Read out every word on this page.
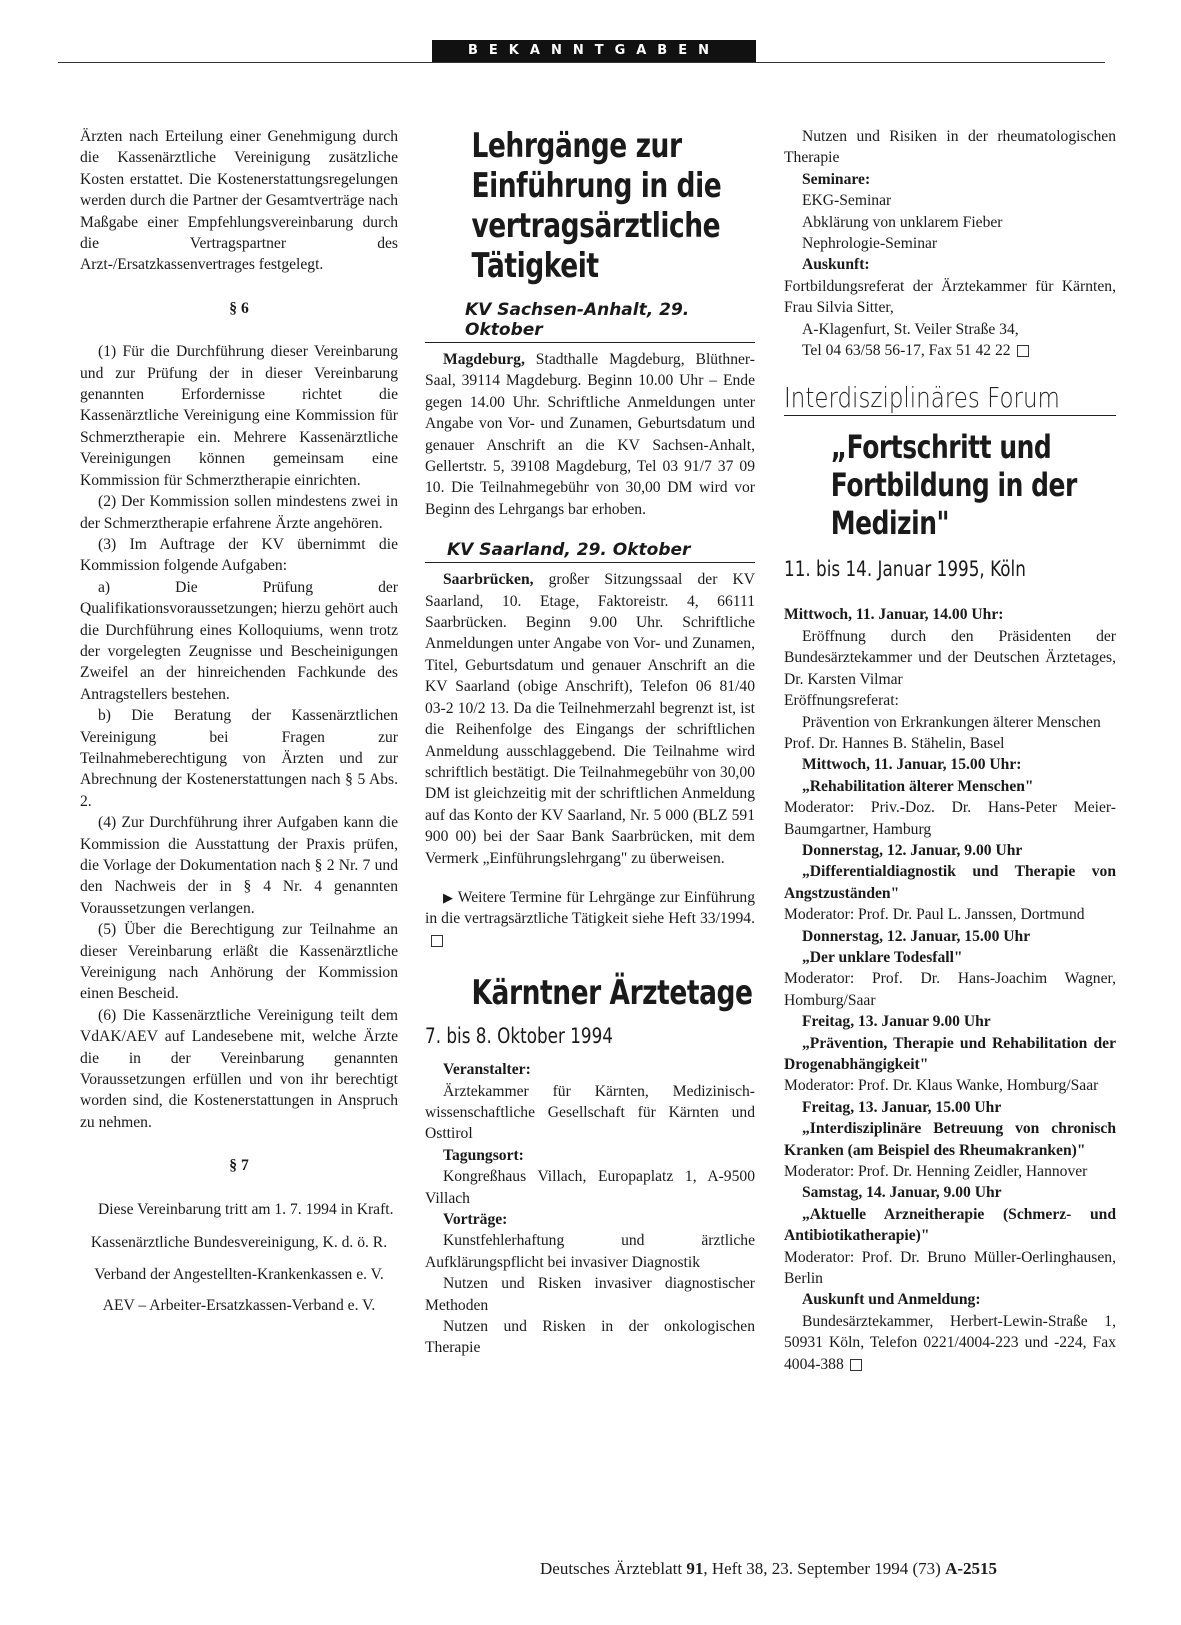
BEKANNTGABEN

Ärzten nach Erteilung einer Genehmigung durch die Kassenärztliche Vereinigung zusätzliche Kosten erstattet. Die Kostenerstattungsregelungen werden durch die Partner der Gesamtverträge nach Maßgabe einer Empfehlungsvereinbarung durch die Vertragspartner des Arzt-/Ersatzkassenvertrages festgelegt.

§ 6

(1) Für die Durchführung dieser Vereinbarung und zur Prüfung der in dieser Vereinbarung genannten Erfordernisse richtet die Kassenärztliche Vereinigung eine Kommission für Schmerztherapie ein. Mehrere Kassenärztliche Vereinigungen können gemeinsam eine Kommission für Schmerztherapie einrichten.

(2) Der Kommission sollen mindestens zwei in der Schmerztherapie erfahrene Ärzte angehören.

(3) Im Auftrage der KV übernimmt die Kommission folgende Aufgaben:

a) Die Prüfung der Qualifikationsvoraussetzungen; hierzu gehört auch die Durchführung eines Kolloquiums, wenn trotz der vorgelegten Zeugnisse und Bescheinigungen Zweifel an der hinreichenden Fachkunde des Antragstellers bestehen.

b) Die Beratung der Kassenärztlichen Vereinigung bei Fragen zur Teilnahmeberechtigung von Ärzten und zur Abrechnung der Kostenerstattungen nach § 5 Abs. 2.

(4) Zur Durchführung ihrer Aufgaben kann die Kommission die Ausstattung der Praxis prüfen, die Vorlage der Dokumentation nach § 2 Nr. 7 und den Nachweis der in § 4 Nr. 4 genannten Voraussetzungen verlangen.

(5) Über die Berechtigung zur Teilnahme an dieser Vereinbarung erläßt die Kassenärztliche Vereinigung nach Anhörung der Kommission einen Bescheid.

(6) Die Kassenärztliche Vereinigung teilt dem VdAK/AEV auf Landesebene mit, welche Ärzte die in der Vereinbarung genannten Voraussetzungen erfüllen und von ihr berechtigt worden sind, die Kostenerstattungen in Anspruch zu nehmen.

§ 7

Diese Vereinbarung tritt am 1. 7. 1994 in Kraft.

Kassenärztliche Bundesvereinigung, K. d. ö. R.

Verband der Angestellten-Krankenkassen e. V.

AEV – Arbeiter-Ersatzkassen-Verband e. V.

Lehrgänge zur Einführung in die vertragsärztliche Tätigkeit
KV Sachsen-Anhalt, 29. Oktober

Magdeburg, Stadthalle Magdeburg, Blüthner-Saal, 39114 Magdeburg. Beginn 10.00 Uhr – Ende gegen 14.00 Uhr. Schriftliche Anmeldungen unter Angabe von Vor- und Zunamen, Geburtsdatum und genauer Anschrift an die KV Sachsen-Anhalt, Gellertstr. 5, 39108 Magdeburg, Tel 03 91/7 37 09 10. Die Teilnahmegebühr von 30,00 DM wird vor Beginn des Lehrgangs bar erhoben.

KV Saarland, 29. Oktober

Saarbrücken, großer Sitzungssaal der KV Saarland, 10. Etage, Faktoreistr. 4, 66111 Saarbrücken. Beginn 9.00 Uhr. Schriftliche Anmeldungen unter Angabe von Vor- und Zunamen, Titel, Geburtsdatum und genauer Anschrift an die KV Saarland (obige Anschrift), Telefon 06 81/40 03-2 10/2 13. Da die Teilnehmerzahl begrenzt ist, ist die Reihenfolge des Eingangs der schriftlichen Anmeldung ausschlaggebend. Die Teilnahme wird schriftlich bestätigt. Die Teilnahmegebühr von 30,00 DM ist gleichzeitig mit der schriftlichen Anmeldung auf das Konto der KV Saarland, Nr. 5 000 (BLZ 591 900 00) bei der Saar Bank Saarbrücken, mit dem Vermerk „Einführungslehrgang" zu überweisen.

▶ Weitere Termine für Lehrgänge zur Einführung in die vertragsärztliche Tätigkeit siehe Heft 33/1994.

Kärntner Ärztetage
7. bis 8. Oktober 1994

Veranstalter:

Ärztekammer für Kärnten, Medizinisch-wissenschaftliche Gesellschaft für Kärnten und Osttirol

Tagungsort:

Kongreßhaus Villach, Europaplatz 1, A-9500 Villach

Vorträge:

Kunstfehlerhaftung und ärztliche Aufklärungspflicht bei invasiver Diagnostik

Nutzen und Risken invasiver diagnostischer Methoden

Nutzen und Risken in der onkologischen Therapie

Nutzen und Risiken in der rheumatologischen Therapie

Seminare:

EKG-Seminar

Abklärung von unklarem Fieber

Nephrologie-Seminar

Auskunft:

Fortbildungsreferat der Ärztekammer für Kärnten, Frau Silvia Sitter,

A-Klagenfurt, St. Veiler Straße 34,

Tel 04 63/58 56-17, Fax 51 42 22

Interdisziplinäres Forum
„Fortschritt und Fortbildung in der Medizin"
11. bis 14. Januar 1995, Köln

Mittwoch, 11. Januar, 14.00 Uhr:

Eröffnung durch den Präsidenten der Bundesärztekammer und der Deutschen Ärztetages, Dr. Karsten Vilmar

Eröffnungsreferat:

Prävention von Erkrankungen älterer Menschen

Prof. Dr. Hannes B. Stähelin, Basel

Mittwoch, 11. Januar, 15.00 Uhr:

„Rehabilitation älterer Menschen"

Moderator: Priv.-Doz. Dr. Hans-Peter Meier-Baumgartner, Hamburg

Donnerstag, 12. Januar, 9.00 Uhr

„Differentialdiagnostik und Therapie von Angstzuständen"

Moderator: Prof. Dr. Paul L. Janssen, Dortmund

Donnerstag, 12. Januar, 15.00 Uhr

„Der unklare Todesfall"

Moderator: Prof. Dr. Hans-Joachim Wagner, Homburg/Saar

Freitag, 13. Januar 9.00 Uhr

„Prävention, Therapie und Rehabilitation der Drogenabhängigkeit"

Moderator: Prof. Dr. Klaus Wanke, Homburg/Saar

Freitag, 13. Januar, 15.00 Uhr

„Interdisziplinäre Betreuung von chronisch Kranken (am Beispiel des Rheumakranken)"

Moderator: Prof. Dr. Henning Zeidler, Hannover

Samstag, 14. Januar, 9.00 Uhr

„Aktuelle Arzneitherapie (Schmerz- und Antibiotikatherapie)"

Moderator: Prof. Dr. Bruno Müller-Oerlinghausen, Berlin

Auskunft und Anmeldung:

Bundesärztekammer, Herbert-Lewin-Straße 1, 50931 Köln, Telefon 0221/4004-223 und -224, Fax 4004-388

Deutsches Ärzteblatt 91, Heft 38, 23. September 1994 (73) A-2515
